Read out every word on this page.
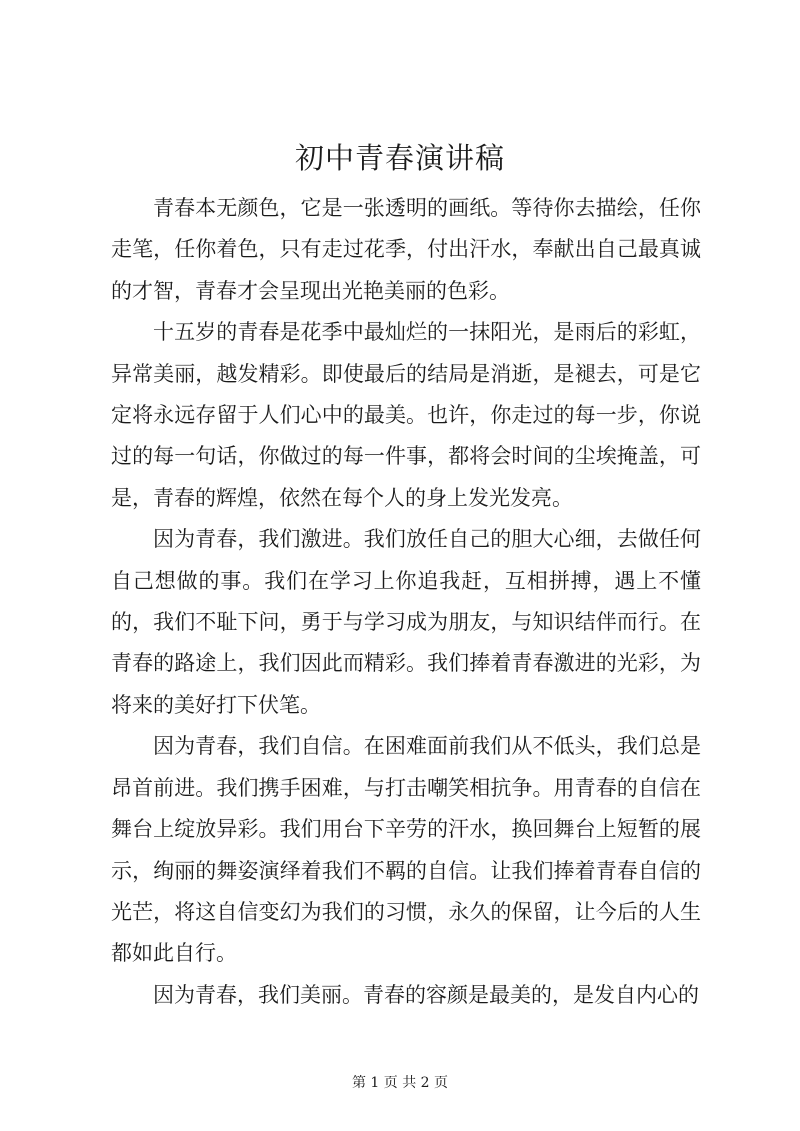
初中青春演讲稿

青春本无颜色，它是一张透明的画纸。等待你去描绘，任你走笔，任你着色，只有走过花季，付出汗水，奉献出自己最真诚的才智，青春才会呈现出光艳美丽的色彩。

十五岁的青春是花季中最灿烂的一抹阳光，是雨后的彩虹，异常美丽，越发精彩。即使最后的结局是消逝，是褪去，可是它定将永远存留于人们心中的最美。也许，你走过的每一步，你说过的每一句话，你做过的每一件事，都将会时间的尘埃掩盖，可是，青春的辉煌，依然在每个人的身上发光发亮。

因为青春，我们激进。我们放任自己的胆大心细，去做任何自己想做的事。我们在学习上你追我赶，互相拼搏，遇上不懂的，我们不耻下问，勇于与学习成为朋友，与知识结伴而行。在青春的路途上，我们因此而精彩。我们捧着青春激进的光彩，为将来的美好打下伏笔。

因为青春，我们自信。在困难面前我们从不低头，我们总是昂首前进。我们携手困难，与打击嘲笑相抗争。用青春的自信在舞台上绽放异彩。我们用台下辛劳的汗水，换回舞台上短暂的展示，绚丽的舞姿演绎着我们不羁的自信。让我们捧着青春自信的光芒，将这自信变幻为我们的习惯，永久的保留，让今后的人生都如此自行。

因为青春，我们美丽。青春的容颜是最美的，是发自内心的

第 1 页 共 2 页
